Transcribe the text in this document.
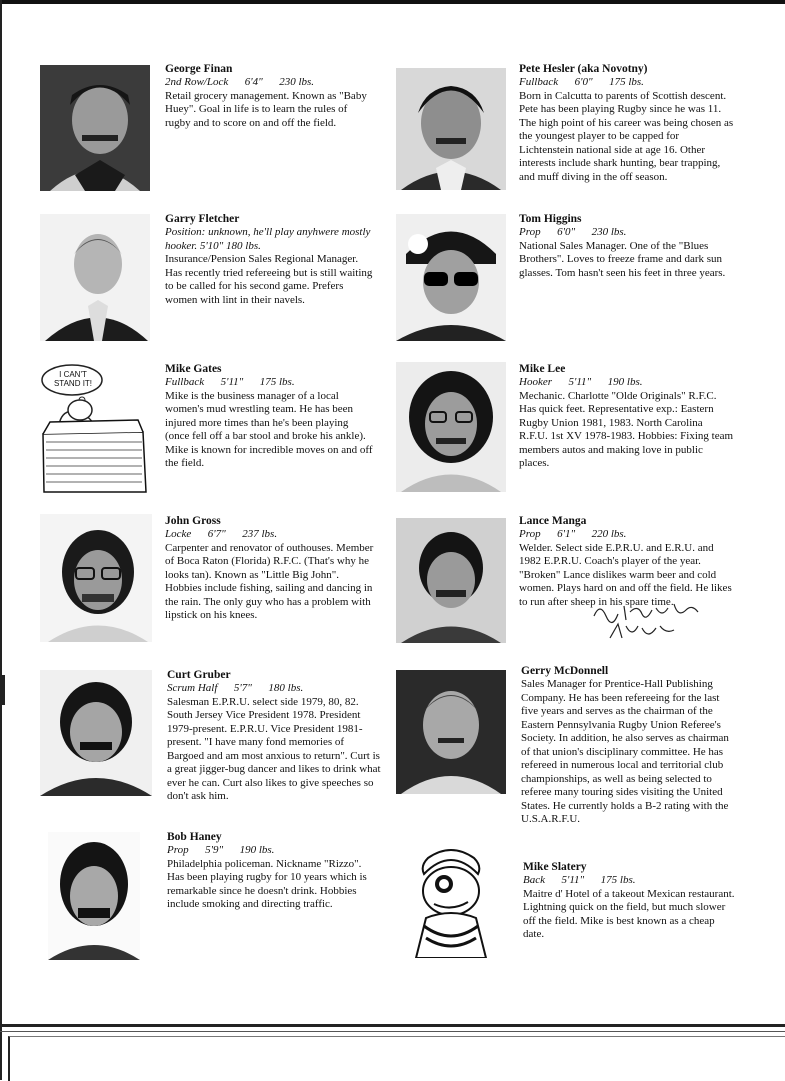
George Finan
2nd Row/Lock      6'4"      230 lbs.

Retail grocery management. Known as "Baby Huey". Goal in life is to learn the rules of rugby and to score on and off the field.

Pete Hesler (aka Novotny)
Fullback      6'0"      175 lbs.

Born in Calcutta to parents of Scottish descent. Pete has been playing Rugby since he was 11. The high point of his career was being chosen as the youngest player to be capped for Lichtenstein national side at age 16. Other interests include shark hunting, bear trapping, and muff diving in the off season.

Garry Fletcher
Position: unknown, he'll play anyhwere mostly hooker. 5'10" 180 lbs.

Insurance/Pension Sales Regional Manager. Has recently tried refereeing but is still waiting to be called for his second game. Prefers women with lint in their navels.

Tom Higgins
Prop      6'0"      230 lbs.

National Sales Manager. One of the "Blues Brothers". Loves to freeze frame and dark sun glasses. Tom hasn't seen his feet in three years.

I CAN'T STAND IT!
Mike Gates
Fullback      5'11"      175 lbs.

Mike is the business manager of a local women's mud wrestling team. He has been injured more times than he's been playing (once fell off a bar stool and broke his ankle). Mike is known for incredible moves on and off the field.

Mike Lee
Hooker      5'11"      190 lbs.

Mechanic. Charlotte "Olde Originals" R.F.C. Has quick feet. Representative exp.: Eastern Rugby Union 1981, 1983. North Carolina R.F.U. 1st XV 1978-1983. Hobbies: Fixing team members autos and making love in public places.

John Gross
Locke      6'7"      237 lbs.

Carpenter and renovator of outhouses. Member of Boca Raton (Florida) R.F.C. (That's why he looks tan). Known as "Little Big John". Hobbies include fishing, sailing and dancing in the rain. The only guy who has a problem with lipstick on his knees.

Lance Manga
Prop      6'1"      220 lbs.

Welder. Select side E.P.R.U. and E.R.U. and 1982 E.P.R.U. Coach's player of the year. "Broken" Lance dislikes warm beer and cold women. Plays hard on and off the field. He likes to run after sheep in his spare time.

Curt Gruber
Scrum Half      5'7"      180 lbs.

Salesman E.P.R.U. select side 1979, 80, 82. South Jersey Vice President 1978. President 1979-present. E.P.R.U. Vice President 1981-present. "I have many fond memories of Bargoed and am most anxious to return". Curt is a great jigger-bug dancer and likes to drink what ever he can. Curt also likes to give speeches so don't ask him.

Gerry McDonnell

Sales Manager for Prentice-Hall Publishing Company. He has been refereeing for the last five years and serves as the chairman of the Eastern Pennsylvania Rugby Union Referee's Society. In addition, he also serves as chairman of that union's disciplinary committee. He has refereed in numerous local and territorial club championships, as well as being selected to referee many touring sides visiting the United States. He currently holds a B-2 rating with the U.S.A.R.F.U.

Bob Haney
Prop      5'9"      190 lbs.

Philadelphia policeman. Nickname "Rizzo". Has been playing rugby for 10 years which is remarkable since he doesn't drink. Hobbies include smoking and directing traffic.

Mike Slatery
Back      5'11"      175 lbs.

Maitre d' Hotel of a takeout Mexican restaurant. Lightning quick on the field, but much slower off the field. Mike is best known as a cheap date.
